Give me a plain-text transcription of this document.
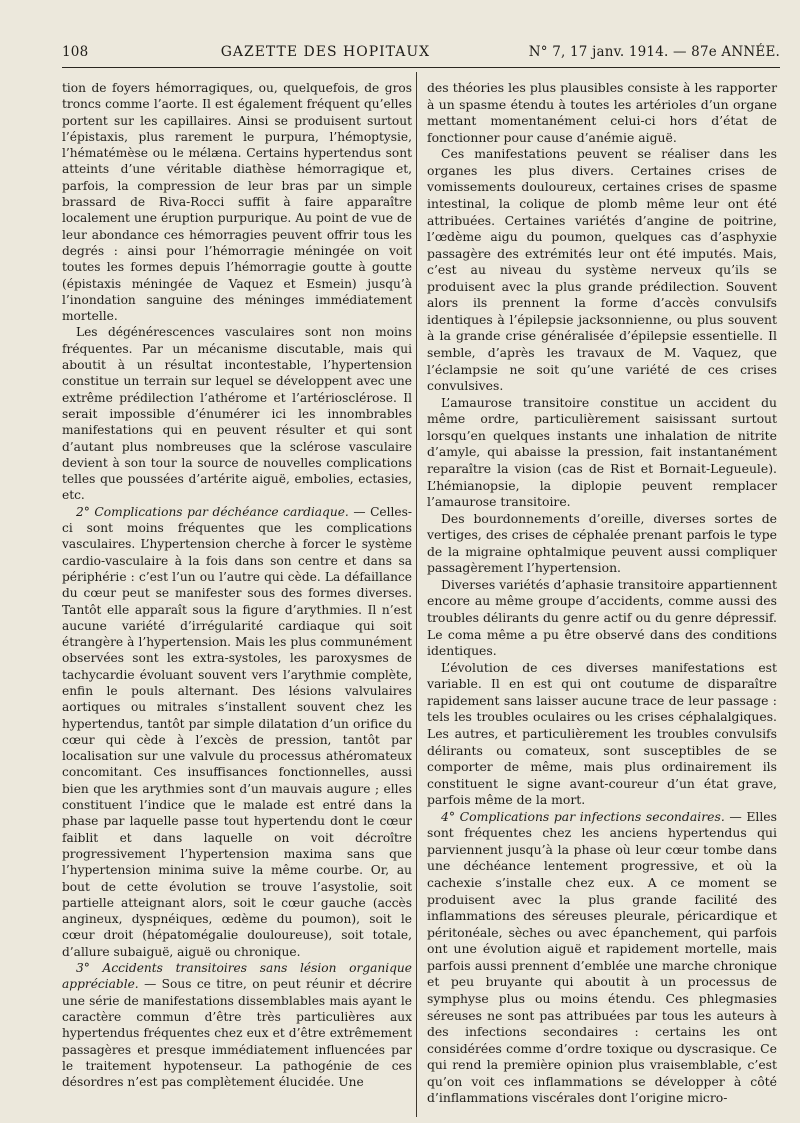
108	GAZETTE DES HOPITAUX	N° 7, 17 janv. 1914. — 87e ANNÉE.

tion de foyers hémorragiques, ou, quelquefois, de gros troncs comme l’aorte. Il est également fréquent qu’elles portent sur les capillaires. Ainsi se produisent surtout l’épistaxis, plus rarement le purpura, l’hémoptysie, l’hématémèse ou le mélæna. Certains hypertendus sont atteints d’une véritable diathèse hémorragique et, parfois, la compression de leur bras par un simple brassard de Riva-Rocci suffit à faire apparaître localement une éruption purpurique. Au point de vue de leur abondance ces hémorragies peuvent offrir tous les degrés : ainsi pour l’hémorragie méningée on voit toutes les formes depuis l’hémorragie goutte à goutte (épistaxis méningée de Vaquez et Esmein) jusqu’à l’inondation sanguine des méninges immédiatement mortelle.

Les dégénérescences vasculaires sont non moins fréquentes. Par un mécanisme discutable, mais qui aboutit à un résultat incontestable, l’hypertension constitue un terrain sur lequel se développent avec une extrême prédilection l’athérome et l’artériosclérose. Il serait impossible d’énumérer ici les innombrables manifestations qui en peuvent résulter et qui sont d’autant plus nombreuses que la sclérose vasculaire devient à son tour la source de nouvelles complications telles que poussées d’artérite aiguë, embolies, ectasies, etc.

2° Complications par déchéance cardiaque. — Celles-ci sont moins fréquentes que les complications vasculaires. L’hypertension cherche à forcer le système cardio-vasculaire à la fois dans son centre et dans sa périphérie : c’est l’un ou l’autre qui cède. La défaillance du cœur peut se manifester sous des formes diverses. Tantôt elle apparaît sous la figure d’arythmies. Il n’est aucune variété d’irrégularité cardiaque qui soit étrangère à l’hypertension. Mais les plus communément observées sont les extra-systoles, les paroxysmes de tachycardie évoluant souvent vers l’arythmie complète, enfin le pouls alternant. Des lésions valvulaires aortiques ou mitrales s’installent souvent chez les hypertendus, tantôt par simple dilatation d’un orifice du cœur qui cède à l’excès de pression, tantôt par localisation sur une valvule du processus athéromateux concomitant. Ces insuffisances fonctionnelles, aussi bien que les arythmies sont d’un mauvais augure ; elles constituent l’indice que le malade est entré dans la phase par laquelle passe tout hypertendu dont le cœur faiblit et dans laquelle on voit décroître progressivement l’hypertension maxima sans que l’hypertension minima suive la même courbe. Or, au bout de cette évolution se trouve l’asystolie, soit partielle atteignant alors, soit le cœur gauche (accès angineux, dyspnéiques, œdème du poumon), soit le cœur droit (hépatomégalie douloureuse), soit totale, d’allure subaiguë, aiguë ou chronique.

3° Accidents transitoires sans lésion organique appréciable. — Sous ce titre, on peut réunir et décrire une série de manifestations dissemblables mais ayant le caractère commun d’être très particulières aux hypertendus fréquentes chez eux et d’être extrêmement passagères et presque immédiatement influencées par le traitement hypotenseur. La pathogénie de ces désordres n’est pas complètement élucidée. Une

des théories les plus plausibles consiste à les rapporter à un spasme étendu à toutes les artérioles d’un organe mettant momentanément celui-ci hors d’état de fonctionner pour cause d’anémie aiguë.

Ces manifestations peuvent se réaliser dans les organes les plus divers. Certaines crises de vomissements douloureux, certaines crises de spasme intestinal, la colique de plomb même leur ont été attribuées. Certaines variétés d’angine de poitrine, l’œdème aigu du poumon, quelques cas d’asphyxie passagère des extrémités leur ont été imputés. Mais, c’est au niveau du système nerveux qu’ils se produisent avec la plus grande prédilection. Souvent alors ils prennent la forme d’accès convulsifs identiques à l’épilepsie jacksonnienne, ou plus souvent à la grande crise généralisée d’épilepsie essentielle. Il semble, d’après les travaux de M. Vaquez, que l’éclampsie ne soit qu’une variété de ces crises convulsives.

L’amaurose transitoire constitue un accident du même ordre, particulièrement saisissant surtout lorsqu’en quelques instants une inhalation de nitrite d’amyle, qui abaisse la pression, fait instantanément reparaître la vision (cas de Rist et Bornait-Legueule). L’hémianopsie, la diplopie peuvent remplacer l’amaurose transitoire.

Des bourdonnements d’oreille, diverses sortes de vertiges, des crises de céphalée prenant parfois le type de la migraine ophtalmique peuvent aussi compliquer passagèrement l’hypertension.

Diverses variétés d’aphasie transitoire appartiennent encore au même groupe d’accidents, comme aussi des troubles délirants du genre actif ou du genre dépressif. Le coma même a pu être observé dans des conditions identiques.

L’évolution de ces diverses manifestations est variable. Il en est qui ont coutume de disparaître rapidement sans laisser aucune trace de leur passage : tels les troubles oculaires ou les crises céphalalgiques. Les autres, et particulièrement les troubles convulsifs délirants ou comateux, sont susceptibles de se comporter de même, mais plus ordinairement ils constituent le signe avant-coureur d’un état grave, parfois même de la mort.

4° Complications par infections secondaires. — Elles sont fréquentes chez les anciens hypertendus qui parviennent jusqu’à la phase où leur cœur tombe dans une déchéance lentement progressive, et où la cachexie s’installe chez eux. A ce moment se produisent avec la plus grande facilité des inflammations des séreuses pleurale, péricardique et péritonéale, sèches ou avec épanchement, qui parfois ont une évolution aiguë et rapidement mortelle, mais parfois aussi prennent d’emblée une marche chronique et peu bruyante qui aboutit à un processus de symphyse plus ou moins étendu. Ces phlegmasies séreuses ne sont pas attribuées par tous les auteurs à des infections secondaires : certains les ont considérées comme d’ordre toxique ou dyscrasique. Ce qui rend la première opinion plus vraisemblable, c’est qu’on voit ces inflammations se développer à côté d’inflammations viscérales dont l’origine micro-
